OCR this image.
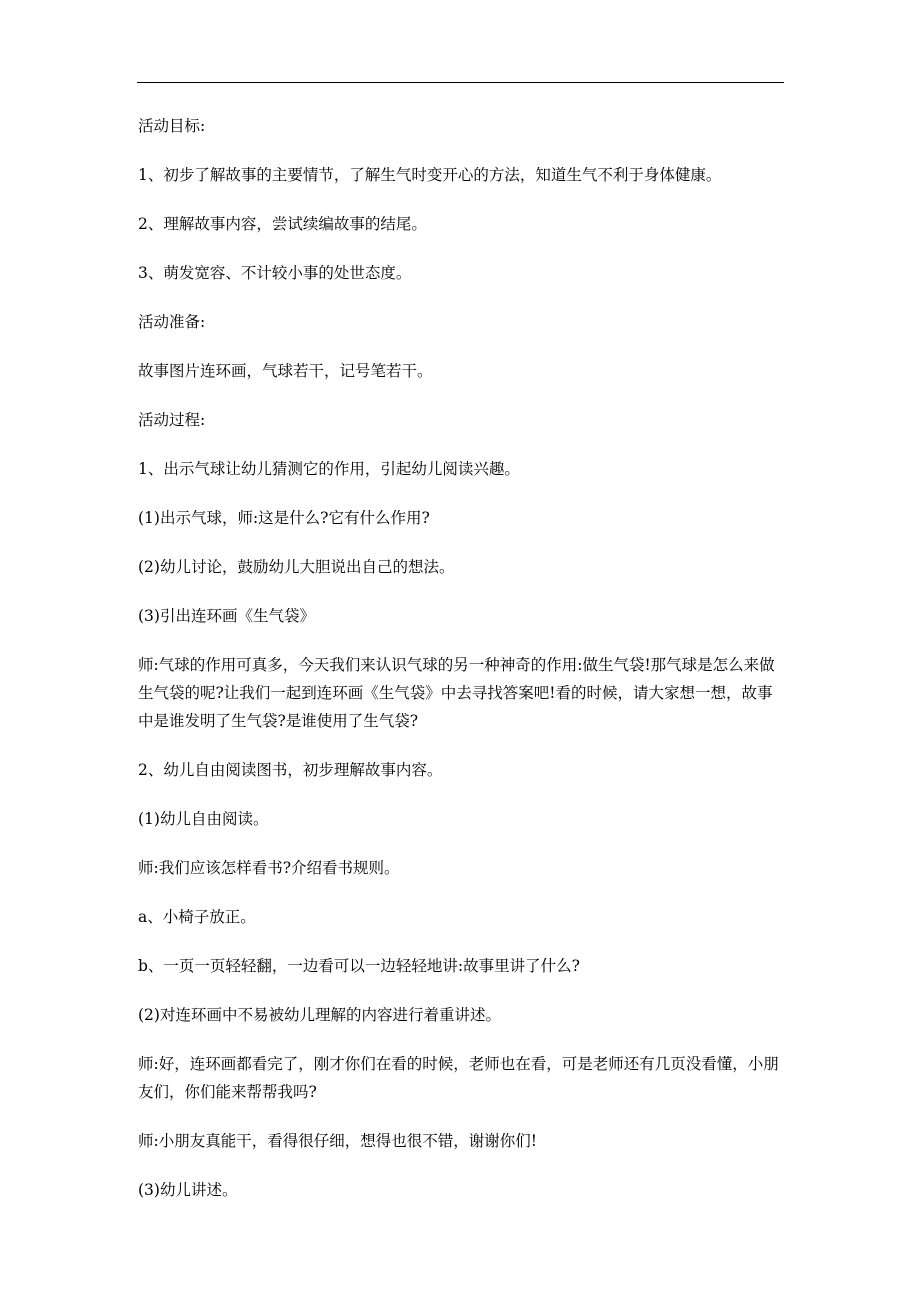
活动目标:

1、初步了解故事的主要情节，了解生气时变开心的方法，知道生气不利于身体健康。

2、理解故事内容，尝试续编故事的结尾。

3、萌发宽容、不计较小事的处世态度。

活动准备:

故事图片连环画，气球若干，记号笔若干。

活动过程:

1、出示气球让幼儿猜测它的作用，引起幼儿阅读兴趣。

(1)出示气球，师:这是什么?它有什么作用?

(2)幼儿讨论，鼓励幼儿大胆说出自己的想法。

(3)引出连环画《生气袋》

师:气球的作用可真多，今天我们来认识气球的另一种神奇的作用:做生气袋!那气球是怎么来做生气袋的呢?让我们一起到连环画《生气袋》中去寻找答案吧!看的时候，请大家想一想，故事中是谁发明了生气袋?是谁使用了生气袋?

2、幼儿自由阅读图书，初步理解故事内容。

(1)幼儿自由阅读。

师:我们应该怎样看书?介绍看书规则。

a、小椅子放正。

b、一页一页轻轻翻，一边看可以一边轻轻地讲:故事里讲了什么?

(2)对连环画中不易被幼儿理解的内容进行着重讲述。

师:好，连环画都看完了，刚才你们在看的时候，老师也在看，可是老师还有几页没看懂，小朋友们，你们能来帮帮我吗?

师:小朋友真能干，看得很仔细，想得也很不错，谢谢你们!

(3)幼儿讲述。
